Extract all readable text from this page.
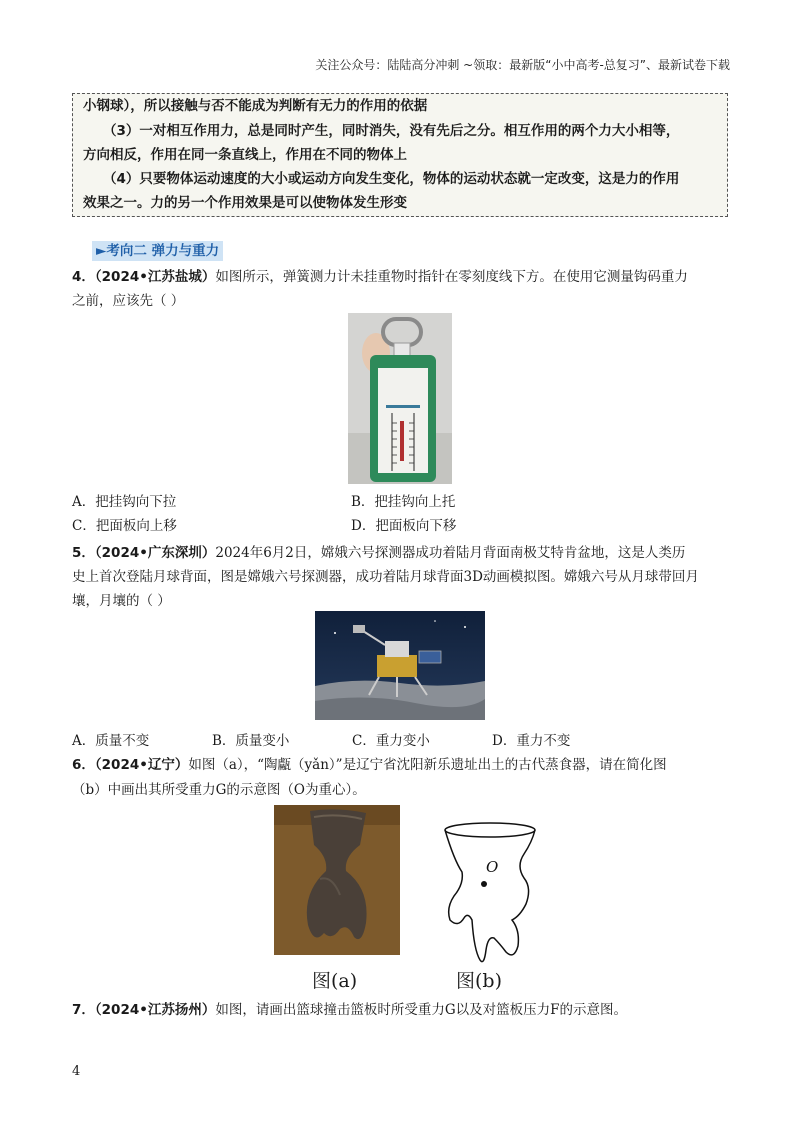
关注公众号：陆陆高分冲刺 ~领取：最新版“小中高考-总复习”、最新试卷下载

小钢球），所以接触与否不能成为判断有无力的作用的依据

（3）一对相互作用力，总是同时产生，同时消失，没有先后之分。相互作用的两个力大小相等，

方向相反，作用在同一条直线上，作用在不同的物体上

（4）只要物体运动速度的大小或运动方向发生变化，物体的运动状态就一定改变，这是力的作用

效果之一。力的另一个作用效果是可以使物体发生形变

►考向二 弹力与重力
4．（2024•江苏盐城）如图所示，弹簧测力计未挂重物时指针在零刻度线下方。在使用它测量钩码重力
之前，应该先（ ）
A．把挂钩向下拉	B．把挂钩向上托
C．把面板向上移	D．把面板向下移
5．（2024•广东深圳）2024年6月2日，嫦娥六号探测器成功着陆月背面南极艾特肯盆地，这是人类历
史上首次登陆月球背面，图是嫦娥六号探测器，成功着陆月球背面3D动画模拟图。嫦娥六号从月球带回月
壤，月壤的（ ）
A．质量不变	B．质量变小	C．重力变小	D．重力不变
6．（2024•辽宁）如图（a），“陶甗（yǎn）”是辽宁省沈阳新乐遗址出土的古代蒸食器，请在简化图
（b）中画出其所受重力G的示意图（O为重心）。
O
图(a)	图(b)
7．（2024•江苏扬州）如图，请画出篮球撞击篮板时所受重力G以及对篮板压力F的示意图。
4
